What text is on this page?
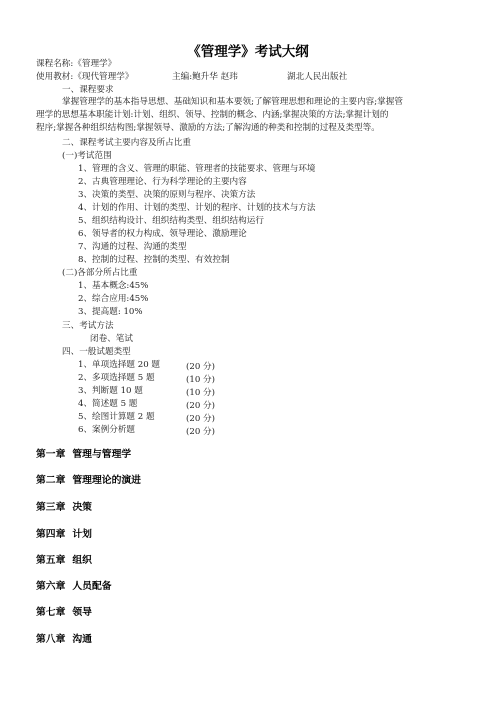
《管理学》考试大纲
课程名称:《管理学》
使用教材:《现代管理学》	主编:鲍升华 赵玮	湖北人民出版社
一、课程要求
掌握管理学的基本指导思想、基础知识和基本要领;了解管理思想和理论的主要内容;掌握管
理学的思想基本职能计划:计划、组织、领导、控制的概念、内涵;掌握决策的方法;掌握计划的
程序;掌握各种组织结构图;掌握领导、激励的方法;了解沟通的种类和控制的过程及类型等。
二、课程考试主要内容及所占比重
(一)考试范围
1、管理的含义、管理的职能、管理者的技能要求、管理与环境
2、古典管理理论、行为科学理论的主要内容
3、决策的类型、决策的原则与程序、决策方法
4、计划的作用、计划的类型、计划的程序、计划的技术与方法
5、组织结构设计、组织结构类型、组织结构运行
6、领导者的权力构成、领导理论、激励理论
7、沟通的过程、沟通的类型
8、控制的过程、控制的类型、有效控制
(二)各部分所占比重
1、基本概念:45%
2、综合应用:45%
3、提高题: 10%
三、考试方法
闭卷、笔试
四、一般试题类型
1、单项选择题 20 题	(20 分)
2、多项选择题 5 题	(10 分)
3、判断题 10 题	(10 分)
4、简述题 5 题	(20 分)
5、绘图计算题 2 题	(20 分)
6、案例分析题	(20 分)
第一章 管理与管理学
第二章 管理理论的演进
第三章 决策
第四章 计划
第五章 组织
第六章 人员配备
第七章 领导
第八章 沟通
